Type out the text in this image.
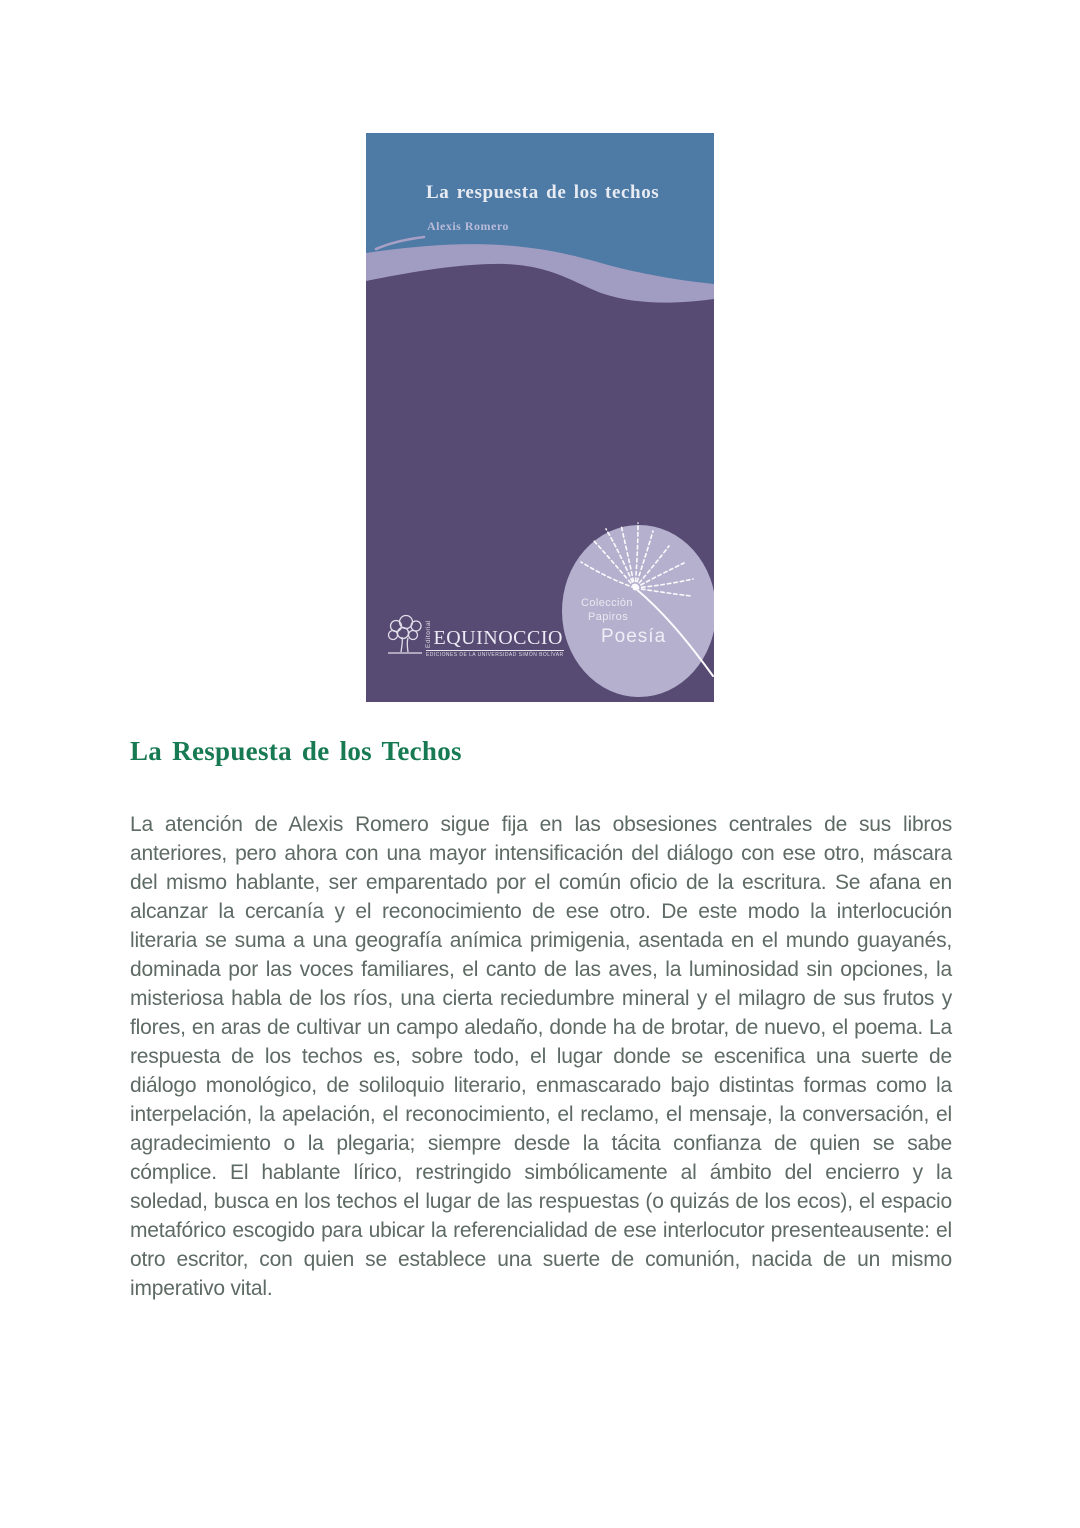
La respuesta de los techos
Alexis Romero
Editorial EQUINOCCIO
EDICIONES DE LA UNIVERSIDAD SIMÓN BOLÍVAR
Colección
Papiros
Poesía
La Respuesta de los Techos

La atención de Alexis Romero sigue fija en las obsesiones centrales de sus libros anteriores, pero ahora con una mayor intensificación del diálogo con ese otro, máscara del mismo hablante, ser emparentado por el común oficio de la escritura. Se afana en alcanzar la cercanía y el reconocimiento de ese otro. De este modo la interlocución literaria se suma a una geografía anímica primigenia, asentada en el mundo guayanés, dominada por las voces familiares, el canto de las aves, la luminosidad sin opciones, la misteriosa habla de los ríos, una cierta reciedumbre mineral y el milagro de sus frutos y flores, en aras de cultivar un campo aledaño, donde ha de brotar, de nuevo, el poema. La respuesta de los techos es, sobre todo, el lugar donde se escenifica una suerte de diálogo monológico, de soliloquio literario, enmascarado bajo distintas formas como la interpelación, la apelación, el reconocimiento, el reclamo, el mensaje, la conversación, el agradecimiento o la plegaria; siempre desde la tácita confianza de quien se sabe cómplice. El hablante lírico, restringido simbólicamente al ámbito del encierro y la soledad, busca en los techos el lugar de las respuestas (o quizás de los ecos), el espacio metafórico escogido para ubicar la referencialidad de ese interlocutor presenteausente: el otro escritor, con quien se establece una suerte de comunión, nacida de un mismo imperativo vital.
